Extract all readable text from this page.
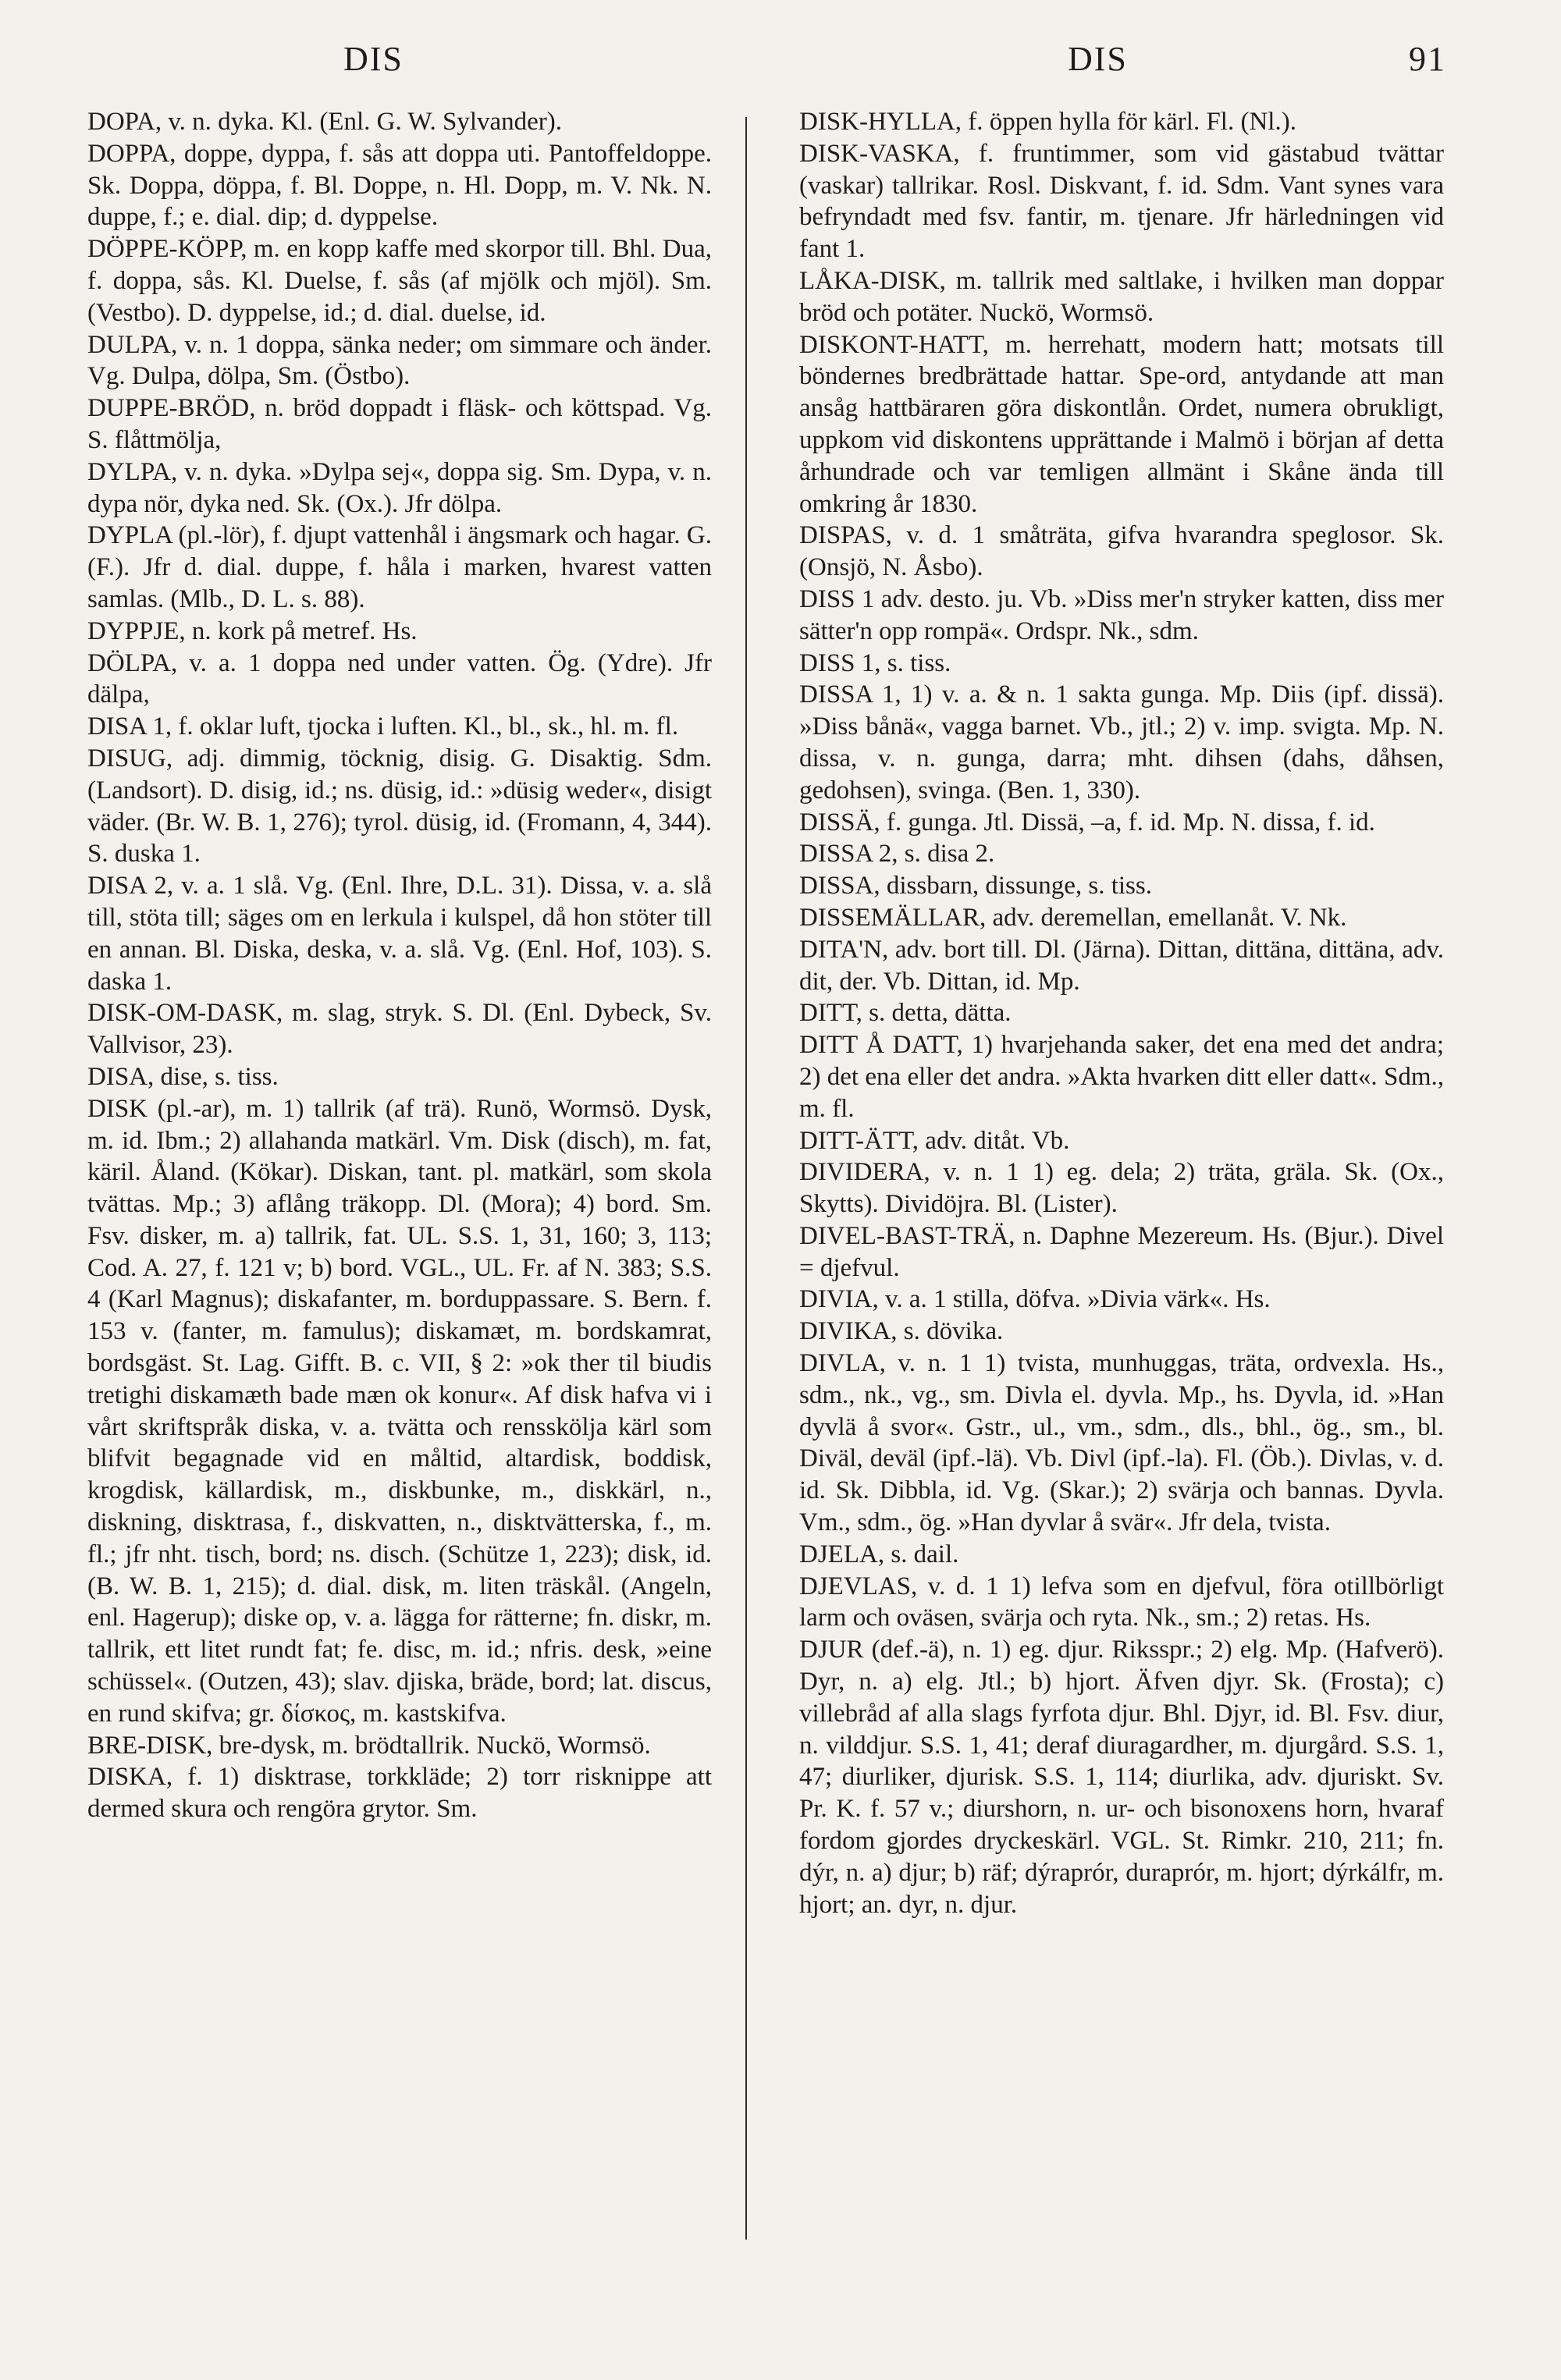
DIS	DIS	91

DOPA, v. n. dyka. Kl. (Enl. G. W. Sylvander).

DOPPA, doppe, dyppa, f. sås att doppa uti. Pantoffeldoppe. Sk. Doppa, döppa, f. Bl. Doppe, n. Hl. Dopp, m. V. Nk. N. duppe, f.; e. dial. dip; d. dyppelse.

DÖPPE-KÖPP, m. en kopp kaffe med skorpor till. Bhl. Dua, f. doppa, sås. Kl. Duelse, f. sås (af mjölk och mjöl). Sm. (Vestbo). D. dyppelse, id.; d. dial. duelse, id.

DULPA, v. n. 1 doppa, sänka neder; om simmare och änder. Vg. Dulpa, dölpa, Sm. (Östbo).

DUPPE-BRÖD, n. bröd doppadt i fläsk- och köttspad. Vg. S. flåttmölja,

DYLPA, v. n. dyka. »Dylpa sej«, doppa sig. Sm. Dypa, v. n. dypa nör, dyka ned. Sk. (Ox.). Jfr dölpa.

DYPLA (pl.-lör), f. djupt vattenhål i ängsmark och hagar. G. (F.). Jfr d. dial. duppe, f. håla i marken, hvarest vatten samlas. (Mlb., D. L. s. 88).

DYPPJE, n. kork på metref. Hs.

DÖLPA, v. a. 1 doppa ned under vatten. Ög. (Ydre). Jfr dälpa,

DISA 1, f. oklar luft, tjocka i luften. Kl., bl., sk., hl. m. fl.

DISUG, adj. dimmig, töcknig, disig. G. Disaktig. Sdm. (Landsort). D. disig, id.; ns. düsig, id.: »düsig weder«, disigt väder. (Br. W. B. 1, 276); tyrol. düsig, id. (Fromann, 4, 344). S. duska 1.

DISA 2, v. a. 1 slå. Vg. (Enl. Ihre, D.L. 31). Dissa, v. a. slå till, stöta till; säges om en lerkula i kulspel, då hon stöter till en annan. Bl. Diska, deska, v. a. slå. Vg. (Enl. Hof, 103). S. daska 1.

DISK-OM-DASK, m. slag, stryk. S. Dl. (Enl. Dybeck, Sv. Vallvisor, 23).

DISA, dise, s. tiss.

DISK (pl.-ar), m. 1) tallrik (af trä). Runö, Wormsö. Dysk, m. id. Ibm.; 2) allahanda matkärl. Vm. Disk (disch), m. fat, käril. Åland. (Kökar). Diskan, tant. pl. matkärl, som skola tvättas. Mp.; 3) aflång träkopp. Dl. (Mora); 4) bord. Sm. Fsv. disker, m. a) tallrik, fat. UL. S.S. 1, 31, 160; 3, 113; Cod. A. 27, f. 121 v; b) bord. VGL., UL. Fr. af N. 383; S.S. 4 (Karl Magnus); diskafanter, m. borduppassare. S. Bern. f. 153 v. (fanter, m. famulus); diskamæt, m. bordskamrat, bordsgäst. St. Lag. Gifft. B. c. VII, § 2: »ok ther til biudis tretighi diskamæth bade mæn ok konur«. Af disk hafva vi i vårt skriftspråk diska, v. a. tvätta och rensskölja kärl som blifvit begagnade vid en måltid, altardisk, boddisk, krogdisk, källardisk, m., diskbunke, m., diskkärl, n., diskning, disktrasa, f., diskvatten, n., disktvätterska, f., m. fl.; jfr nht. tisch, bord; ns. disch. (Schütze 1, 223); disk, id. (B. W. B. 1, 215); d. dial. disk, m. liten träskål. (Angeln, enl. Hagerup); diske op, v. a. lägga for rätterne; fn. diskr, m. tallrik, ett litet rundt fat; fe. disc, m. id.; nfris. desk, »eine schüssel«. (Outzen, 43); slav. djiska, bräde, bord; lat. discus, en rund skifva; gr. δίσκος, m. kastskifva.

BRE-DISK, bre-dysk, m. brödtallrik. Nuckö, Wormsö.

DISKA, f. 1) disktrase, torkkläde; 2) torr risknippe att dermed skura och rengöra grytor. Sm.

DISK-HYLLA, f. öppen hylla för kärl. Fl. (Nl.).

DISK-VASKA, f. fruntimmer, som vid gästabud tvättar (vaskar) tallrikar. Rosl. Diskvant, f. id. Sdm. Vant synes vara befryndadt med fsv. fantir, m. tjenare. Jfr härledningen vid fant 1.

LÅKA-DISK, m. tallrik med saltlake, i hvilken man doppar bröd och potäter. Nuckö, Wormsö.

DISKONT-HATT, m. herrehatt, modern hatt; motsats till böndernes bredbrättade hattar. Spe-ord, antydande att man ansåg hattbäraren göra diskontlån. Ordet, numera obrukligt, uppkom vid diskontens upprättande i Malmö i början af detta århundrade och var temligen allmänt i Skåne ända till omkring år 1830.

DISPAS, v. d. 1 småträta, gifva hvarandra speglosor. Sk. (Onsjö, N. Åsbo).

DISS 1 adv. desto. ju. Vb. »Diss mer'n stryker katten, diss mer sätter'n opp rompä«. Ordspr. Nk., sdm.

DISS 1, s. tiss.

DISSA 1, 1) v. a. & n. 1 sakta gunga. Mp. Diis (ipf. dissä). »Diss bånä«, vagga barnet. Vb., jtl.; 2) v. imp. svigta. Mp. N. dissa, v. n. gunga, darra; mht. dihsen (dahs, dåhsen, gedohsen), svinga. (Ben. 1, 330).

DISSÄ, f. gunga. Jtl. Dissä, –a, f. id. Mp. N. dissa, f. id.

DISSA 2, s. disa 2.

DISSA, dissbarn, dissunge, s. tiss.

DISSEMÄLLAR, adv. deremellan, emellanåt. V. Nk.

DITA'N, adv. bort till. Dl. (Järna). Dittan, dittäna, dittäna, adv. dit, der. Vb. Dittan, id. Mp.

DITT, s. detta, dätta.

DITT Å DATT, 1) hvarjehanda saker, det ena med det andra; 2) det ena eller det andra. »Akta hvarken ditt eller datt«. Sdm., m. fl.

DITT-ÄTT, adv. ditåt. Vb.

DIVIDERA, v. n. 1 1) eg. dela; 2) träta, gräla. Sk. (Ox., Skytts). Dividöjra. Bl. (Lister).

DIVEL-BAST-TRÄ, n. Daphne Mezereum. Hs. (Bjur.). Divel = djefvul.

DIVIA, v. a. 1 stilla, döfva. »Divia värk«. Hs.

DIVIKA, s. dövika.

DIVLA, v. n. 1 1) tvista, munhuggas, träta, ordvexla. Hs., sdm., nk., vg., sm. Divla el. dyvla. Mp., hs. Dyvla, id. »Han dyvlä å svor«. Gstr., ul., vm., sdm., dls., bhl., ög., sm., bl. Diväl, deväl (ipf.-lä). Vb. Divl (ipf.-la). Fl. (Öb.). Divlas, v. d. id. Sk. Dibbla, id. Vg. (Skar.); 2) svärja och bannas. Dyvla. Vm., sdm., ög. »Han dyvlar å svär«. Jfr dela, tvista.

DJELA, s. dail.

DJEVLAS, v. d. 1 1) lefva som en djefvul, föra otillbörligt larm och oväsen, svärja och ryta. Nk., sm.; 2) retas. Hs.

DJUR (def.-ä), n. 1) eg. djur. Riksspr.; 2) elg. Mp. (Hafverö). Dyr, n. a) elg. Jtl.; b) hjort. Äfven djyr. Sk. (Frosta); c) villebråd af alla slags fyrfota djur. Bhl. Djyr, id. Bl. Fsv. diur, n. vilddjur. S.S. 1, 41; deraf diuragardher, m. djurgård. S.S. 1, 47; diurliker, djurisk. S.S. 1, 114; diurlika, adv. djuriskt. Sv. Pr. K. f. 57 v.; diurshorn, n. ur- och bisonoxens horn, hvaraf fordom gjordes dryckeskärl. VGL. St. Rimkr. 210, 211; fn. dýr, n. a) djur; b) räf; dýraprór, duraprór, m. hjort; dýrkálfr, m. hjort; an. dyr, n. djur.
